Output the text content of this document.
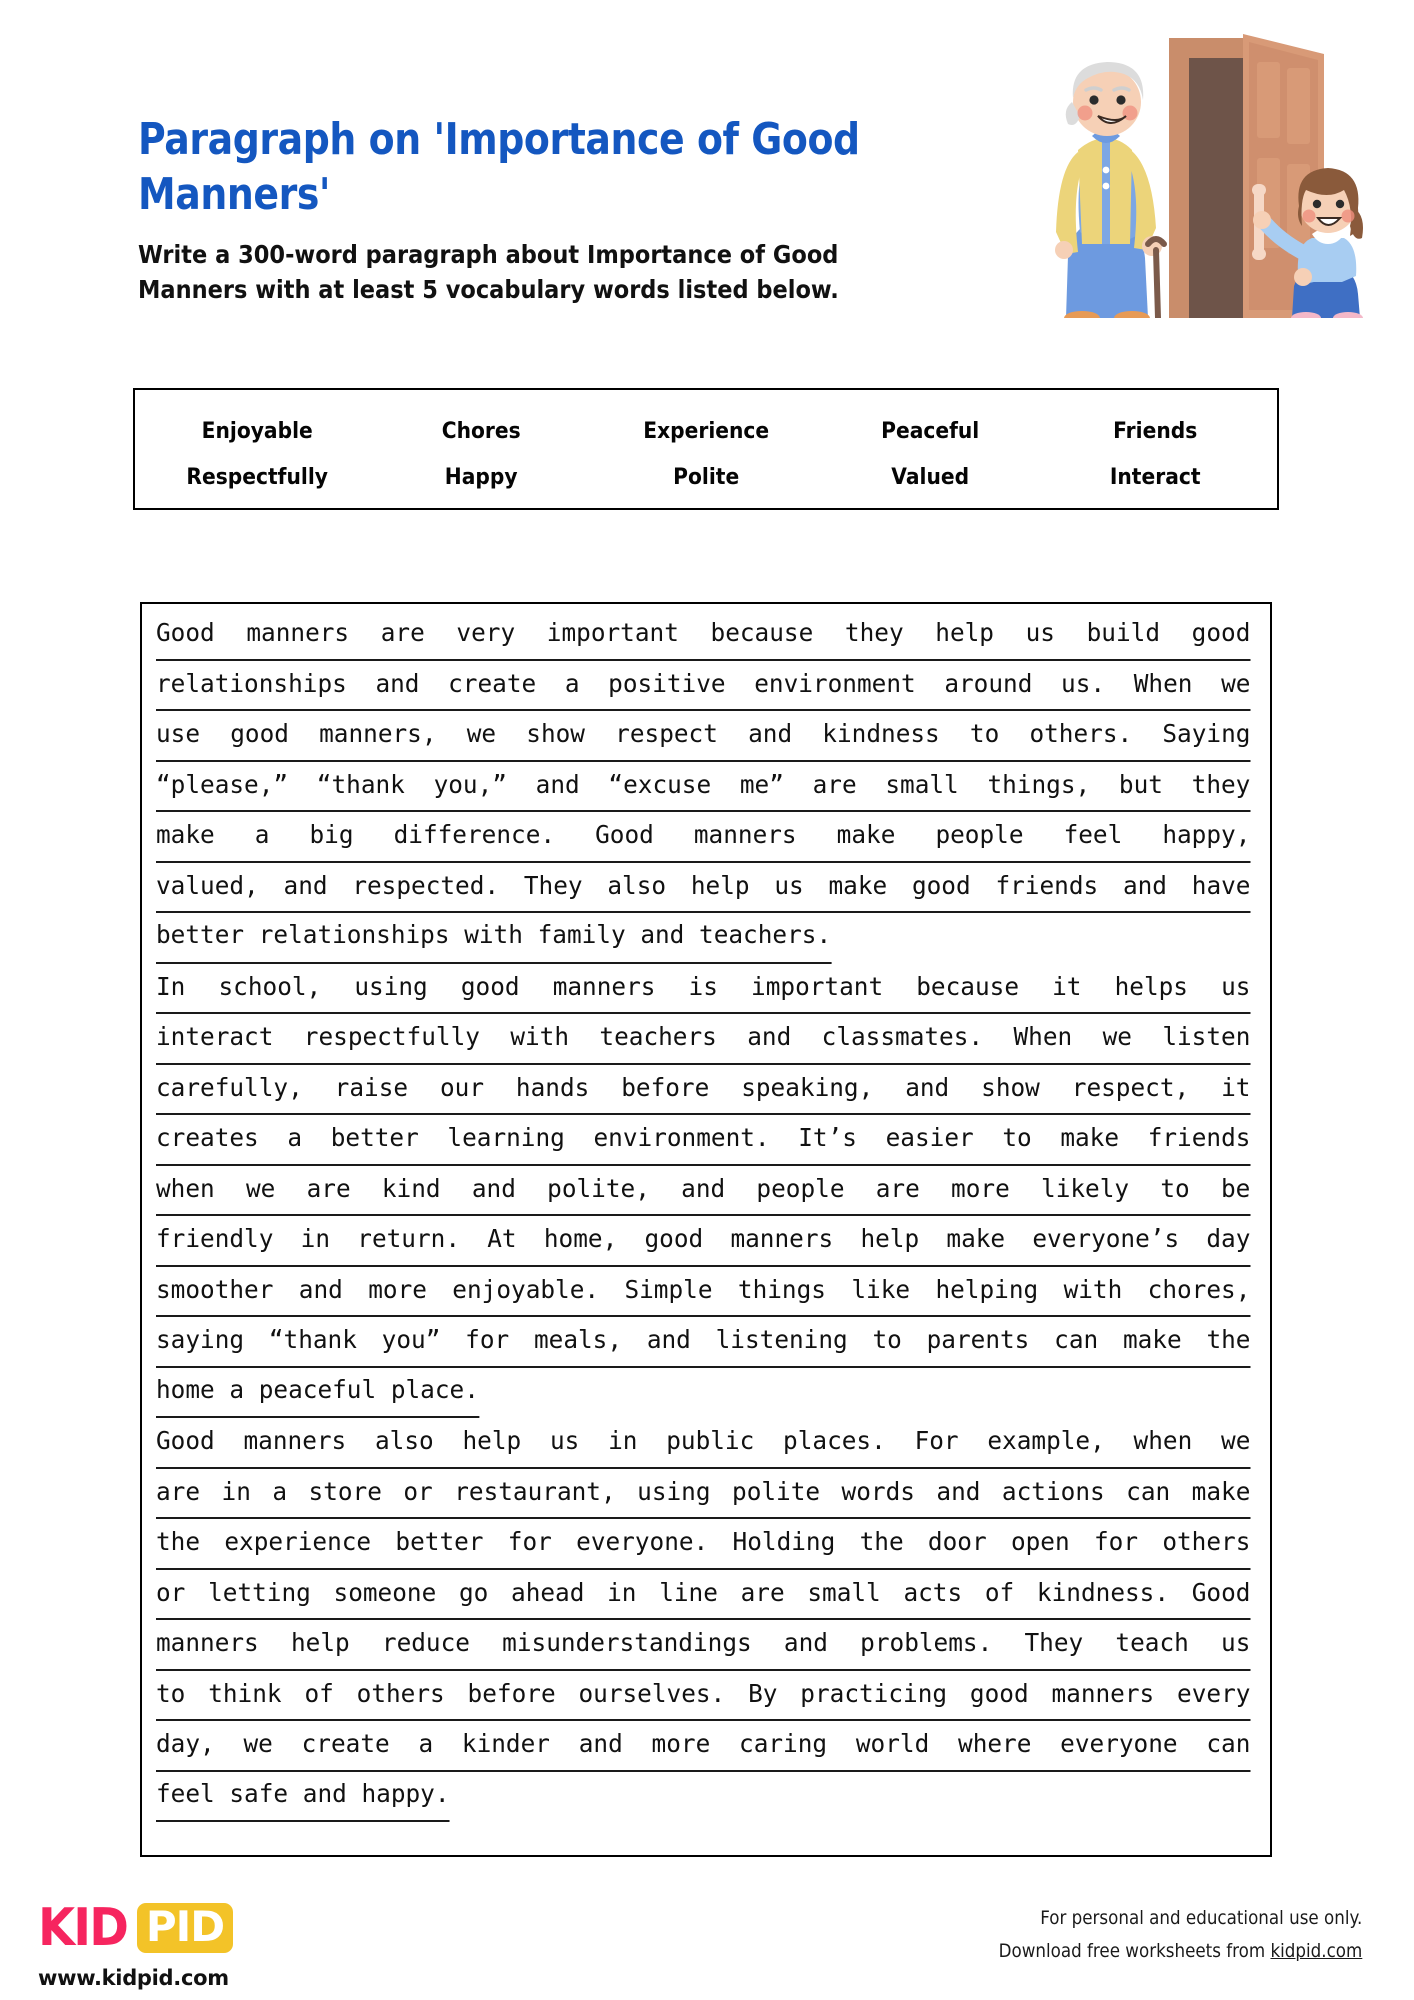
Paragraph on 'Importance of Good Manners'
Write a 300-word paragraph about Importance of Good Manners with at least 5 vocabulary words listed below.
Enjoyable	Chores	Experience	Peaceful	Friends
Respectfully	Happy	Polite	Valued	Interact
Good manners are very important because they help us build good
relationships and create a positive environment around us. When we
use good manners, we show respect and kindness to others. Saying
“please,” “thank you,” and “excuse me” are small things, but they
make a big difference. Good manners make people feel happy,
valued, and respected. They also help us make good friends and have
better relationships with family and teachers.
In school, using good manners is important because it helps us
interact respectfully with teachers and classmates. When we listen
carefully, raise our hands before speaking, and show respect, it
creates a better learning environment. It’s easier to make friends
when we are kind and polite, and people are more likely to be
friendly in return. At home, good manners help make everyone’s day
smoother and more enjoyable. Simple things like helping with chores,
saying “thank you” for meals, and listening to parents can make the
home a peaceful place.
Good manners also help us in public places. For example, when we
are in a store or restaurant, using polite words and actions can make
the experience better for everyone. Holding the door open for others
or letting someone go ahead in line are small acts of kindness. Good
manners help reduce misunderstandings and problems. They teach us
to think of others before ourselves. By practicing good manners every
day, we create a kinder and more caring world where everyone can
feel safe and happy.
KID PID
www.kidpid.com
For personal and educational use only.
Download free worksheets from kidpid.com
